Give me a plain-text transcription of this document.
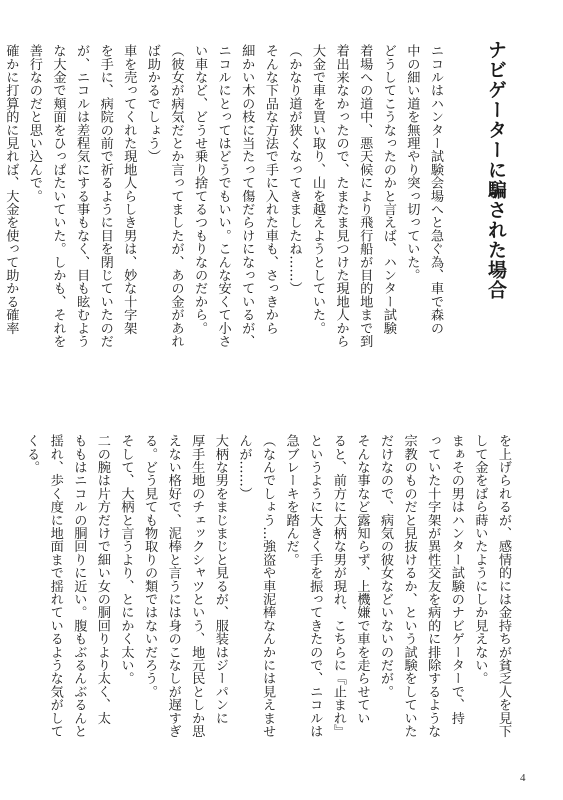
ナビゲーターに騙された場合
ニコルはハンター試験会場へと急ぐ為、車で森の
中の細い道を無理やり突っ切っていた。
どうしてこうなったのかと言えば、ハンター試験
着場への道中、悪天候により飛行船が目的地まで到
着出来なかったので、たまたま見つけた現地人から
大金で車を買い取り、山を越えようとしていた。
（かなり道が狭くなってきましたね……）
そんな下品な方法で手に入れた車も、さっきから
細かい木の枝に当たって傷だらけになっているが、
ニコルにとってはどうでもいい。こんな安くて小さ
い車など、どうせ乗り捨てるつもりなのだから。
（彼女が病気だとか言ってましたが、あの金があれ
ば助かるでしょう）
車を売ってくれた現地人らしき男は、妙な十字架
を手に、病院の前で祈るように目を閉じていたのだ
が、ニコルは差程気にする事もなく、目も眩むよう
な大金で頬面をひっぱたいていた。しかも、それを
善行なのだと思い込んで。
確かに打算的に見れば、大金を使って助かる確率
を上げられるが、感情的には金持ちが貧乏人を見下
して金をばら蒔いたようにしか見えない。
まぁその男はハンター試験のナビゲーターで、持
っていた十字架が異性交友を病的に排除するような
宗教のものだと見抜けるか、という試験をしていた
だけなので、病気の彼女などいないのだが。
そんな事など露知らず、上機嫌で車を走らせてい
ると、前方に大柄な男が現れ、こちらに『止まれ』
というように大きく手を振ってきたので、ニコルは
急ブレーキを踏んだ。
（なんでしょう…強盗や車泥棒なんかには見えませ
んが……）
大柄な男をまじまじと見るが、服装はジーパンに
厚手生地のチェックシャツという、地元民としか思
えない格好で、泥棒と言うには身のこなしが遅すぎ
る。どう見ても物取りの類ではないだろう。
そして、大柄と言うより、とにかく太い。
二の腕は片方だけで細い女の胴回りより太く、太
ももはニコルの胴回りに近い。腹もぶるんぶるんと
揺れ、歩く度に地面まで揺れているような気がして
くる。
4
